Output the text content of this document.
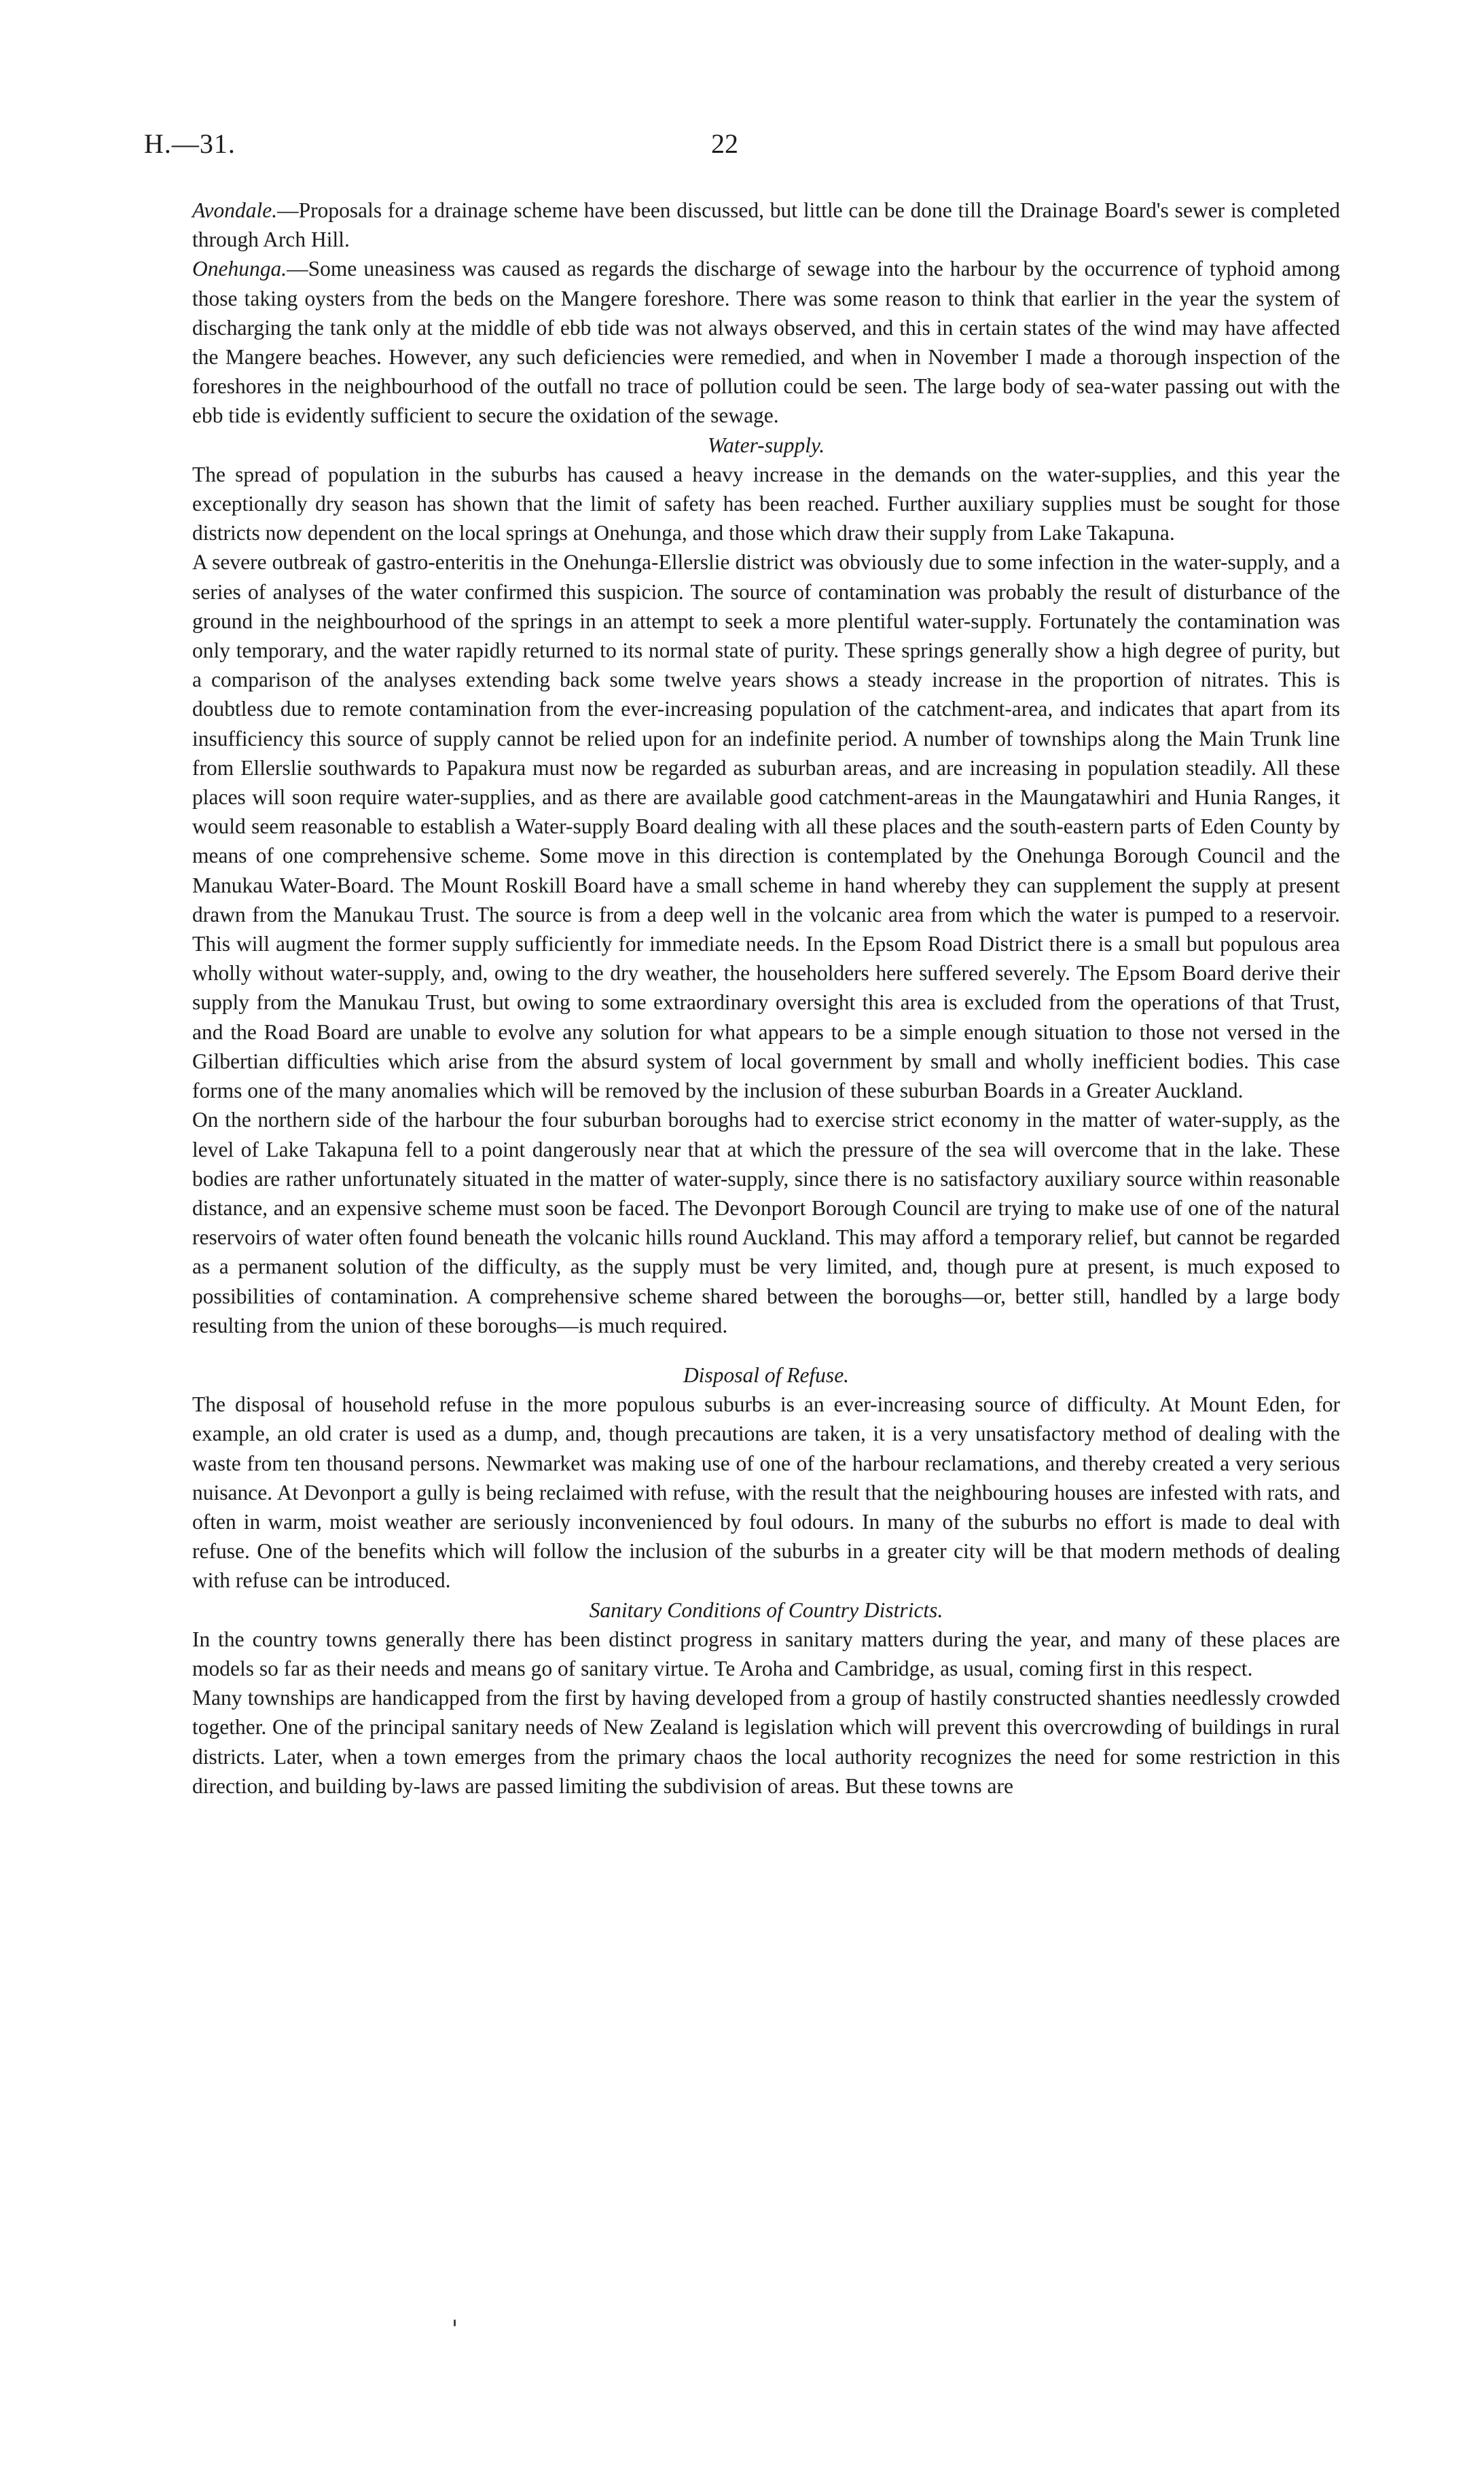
H.—31.	22

Avondale.—Proposals for a drainage scheme have been discussed, but little can be done till the Drainage Board's sewer is completed through Arch Hill.

Onehunga.—Some uneasiness was caused as regards the discharge of sewage into the harbour by the occurrence of typhoid among those taking oysters from the beds on the Mangere foreshore. There was some reason to think that earlier in the year the system of discharging the tank only at the middle of ebb tide was not always observed, and this in certain states of the wind may have affected the Mangere beaches. However, any such deficiencies were remedied, and when in November I made a thorough inspection of the foreshores in the neighbourhood of the outfall no trace of pollution could be seen. The large body of sea-water passing out with the ebb tide is evidently sufficient to secure the oxidation of the sewage.

Water-supply.

The spread of population in the suburbs has caused a heavy increase in the demands on the water-supplies, and this year the exceptionally dry season has shown that the limit of safety has been reached. Further auxiliary supplies must be sought for those districts now dependent on the local springs at Onehunga, and those which draw their supply from Lake Takapuna.

A severe outbreak of gastro-enteritis in the Onehunga-Ellerslie district was obviously due to some infection in the water-supply, and a series of analyses of the water confirmed this suspicion. The source of contamination was probably the result of disturbance of the ground in the neighbourhood of the springs in an attempt to seek a more plentiful water-supply. Fortunately the contamination was only temporary, and the water rapidly returned to its normal state of purity. These springs generally show a high degree of purity, but a comparison of the analyses extending back some twelve years shows a steady increase in the proportion of nitrates. This is doubtless due to remote contamination from the ever-increasing population of the catchment-area, and indicates that apart from its insufficiency this source of supply cannot be relied upon for an indefinite period. A number of townships along the Main Trunk line from Ellerslie southwards to Papakura must now be regarded as suburban areas, and are increasing in population steadily. All these places will soon require water-supplies, and as there are available good catchment-areas in the Maungatawhiri and Hunia Ranges, it would seem reasonable to establish a Water-supply Board dealing with all these places and the south-eastern parts of Eden County by means of one comprehensive scheme. Some move in this direction is contemplated by the Onehunga Borough Council and the Manukau Water-Board. The Mount Roskill Board have a small scheme in hand whereby they can supplement the supply at present drawn from the Manukau Trust. The source is from a deep well in the volcanic area from which the water is pumped to a reservoir. This will augment the former supply sufficiently for immediate needs. In the Epsom Road District there is a small but populous area wholly without water-supply, and, owing to the dry weather, the householders here suffered severely. The Epsom Board derive their supply from the Manukau Trust, but owing to some extraordinary oversight this area is excluded from the operations of that Trust, and the Road Board are unable to evolve any solution for what appears to be a simple enough situation to those not versed in the Gilbertian difficulties which arise from the absurd system of local government by small and wholly inefficient bodies. This case forms one of the many anomalies which will be removed by the inclusion of these suburban Boards in a Greater Auckland.

On the northern side of the harbour the four suburban boroughs had to exercise strict economy in the matter of water-supply, as the level of Lake Takapuna fell to a point dangerously near that at which the pressure of the sea will overcome that in the lake. These bodies are rather unfortunately situated in the matter of water-supply, since there is no satisfactory auxiliary source within reasonable distance, and an expensive scheme must soon be faced. The Devonport Borough Council are trying to make use of one of the natural reservoirs of water often found beneath the volcanic hills round Auckland. This may afford a temporary relief, but cannot be regarded as a permanent solution of the difficulty, as the supply must be very limited, and, though pure at present, is much exposed to possibilities of contamination. A comprehensive scheme shared between the boroughs—or, better still, handled by a large body resulting from the union of these boroughs—is much required.

Disposal of Refuse.

The disposal of household refuse in the more populous suburbs is an ever-increasing source of difficulty. At Mount Eden, for example, an old crater is used as a dump, and, though precautions are taken, it is a very unsatisfactory method of dealing with the waste from ten thousand persons. Newmarket was making use of one of the harbour reclamations, and thereby created a very serious nuisance. At Devonport a gully is being reclaimed with refuse, with the result that the neighbouring houses are infested with rats, and often in warm, moist weather are seriously inconvenienced by foul odours. In many of the suburbs no effort is made to deal with refuse. One of the benefits which will follow the inclusion of the suburbs in a greater city will be that modern methods of dealing with refuse can be introduced.

Sanitary Conditions of Country Districts.

In the country towns generally there has been distinct progress in sanitary matters during the year, and many of these places are models so far as their needs and means go of sanitary virtue. Te Aroha and Cambridge, as usual, coming first in this respect.

Many townships are handicapped from the first by having developed from a group of hastily constructed shanties needlessly crowded together. One of the principal sanitary needs of New Zealand is legislation which will prevent this overcrowding of buildings in rural districts. Later, when a town emerges from the primary chaos the local authority recognizes the need for some restriction in this direction, and building by-laws are passed limiting the subdivision of areas. But these towns are
